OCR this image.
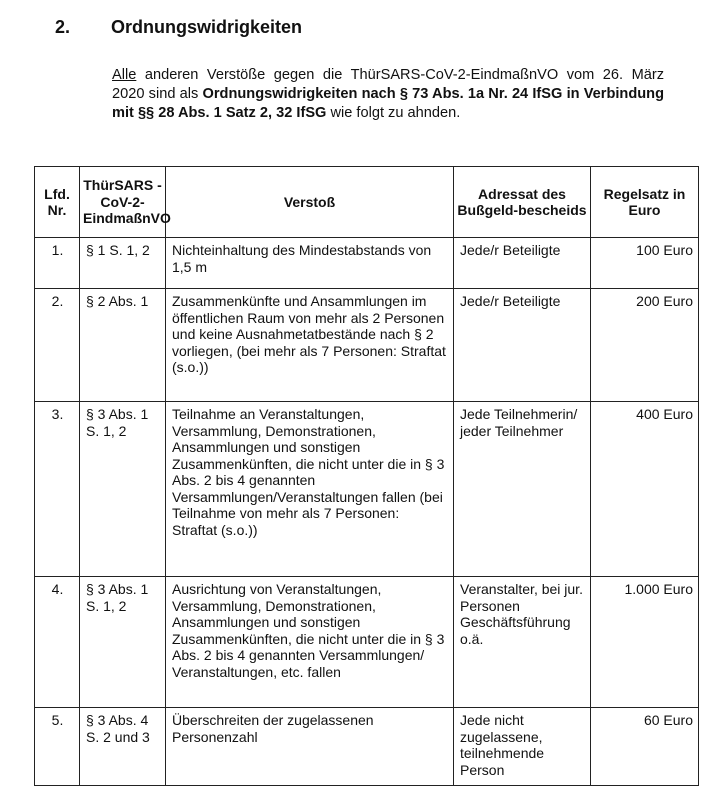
2. Ordnungswidrigkeiten

Alle anderen Verstöße gegen die ThürSARS-CoV-2-EindmaßnVO vom 26. März 2020 sind als Ordnungswidrigkeiten nach § 73 Abs. 1a Nr. 24 IfSG in Verbindung mit §§ 28 Abs. 1 Satz 2, 32 IfSG wie folgt zu ahnden.

Lfd. Nr.	ThürSARS -CoV-2-EindmaßnVO	Verstoß	Adressat des Bußgeld-bescheids	Regelsatz in Euro
1.	§ 1 S. 1, 2	Nichteinhaltung des Mindestabstands von 1,5 m	Jede/r Beteiligte	100 Euro
2.	§ 2 Abs. 1	Zusammenkünfte und Ansammlungen im öffentlichen Raum von mehr als 2 Personen und keine Ausnahmetatbestände nach § 2 vorliegen, (bei mehr als 7 Personen: Straftat (s.o.))	Jede/r Beteiligte	200 Euro
3.	§ 3 Abs. 1 S. 1, 2	Teilnahme an Veranstaltungen, Versammlung, Demonstrationen, Ansammlungen und sonstigen Zusammenkünften, die nicht unter die in § 3 Abs. 2 bis 4 genannten Versammlungen/Veranstaltungen fallen (bei Teilnahme von mehr als 7 Personen: Straftat (s.o.))	Jede Teilnehmerin/ jeder Teilnehmer	400 Euro
4.	§ 3 Abs. 1 S. 1, 2	Ausrichtung von Veranstaltungen, Versammlung, Demonstrationen, Ansammlungen und sonstigen Zusammenkünften, die nicht unter die in § 3 Abs. 2 bis 4 genannten Versammlungen/ Veranstaltungen, etc. fallen	Veranstalter, bei jur. Personen Geschäftsführung o.ä.	1.000 Euro
5.	§ 3 Abs. 4 S. 2 und 3	Überschreiten der zugelassenen Personenzahl	Jede nicht zugelassene, teilnehmende Person	60 Euro
